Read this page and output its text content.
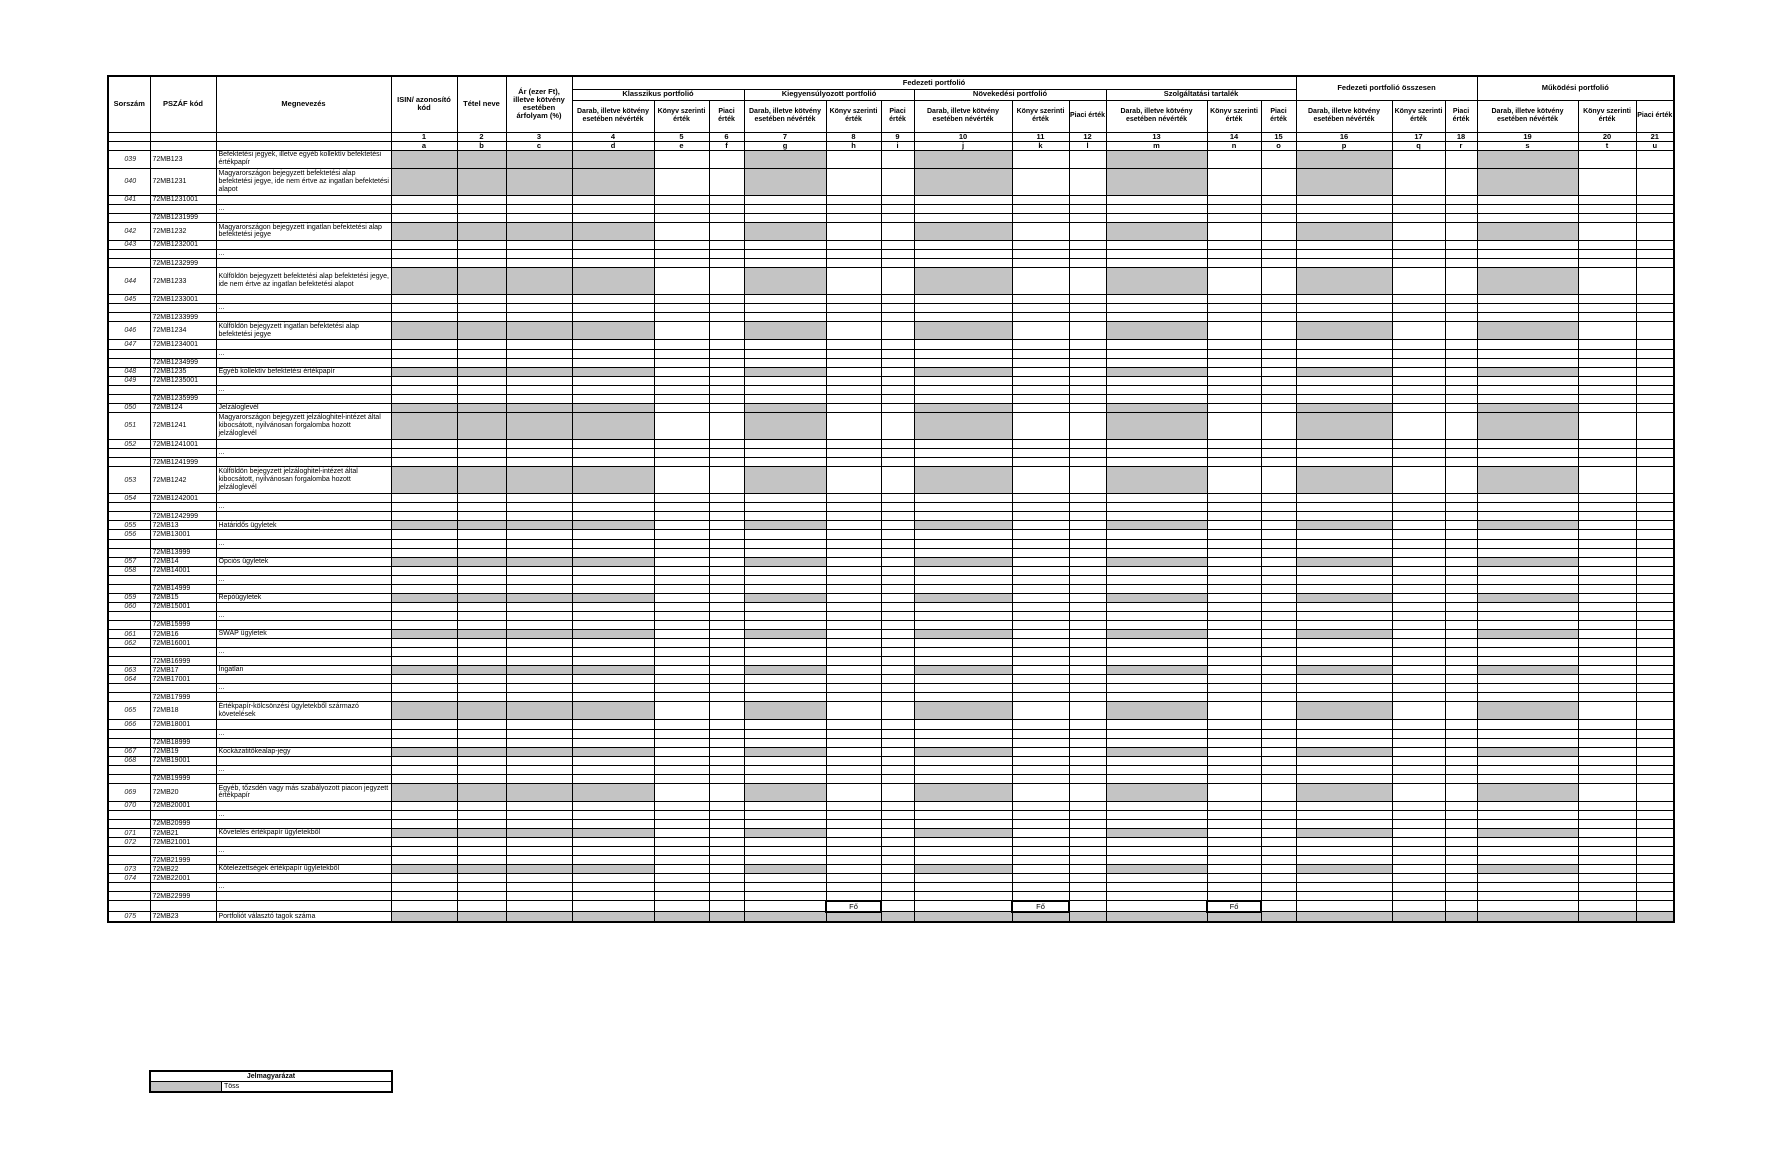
Sorszám	PSZÁF kód	Megnevezés	ISIN/ azonosító kód	Tétel neve	Ár (ezer Ft), illetve kötvény esetében árfolyam (%)	Fedezeti portfolió												Fedezeti portfolió összesen			Működési portfolió		
						Klasszikus portfolió			Kiegyensúlyozott portfolió			Növekedési portfolió			Szolgáltatási tartalék								
						Darab, illetve kötvény esetében névérték	Könyv szerinti érték	Piaci érték	Darab, illetve kötvény esetében névérték	Könyv szerinti érték	Piaci érték	Darab, illetve kötvény esetében névérték	Könyv szerinti érték	Piaci érték	Darab, illetve kötvény esetében névérték	Könyv szerinti érték	Piaci érték	Darab, illetve kötvény esetében névérték	Könyv szerinti érték	Piaci érték	Darab, illetve kötvény esetében névérték	Könyv szerinti érték	Piaci érték
			1	2	3	4	5	6	7	8	9	10	11	12	13	14	15	16	17	18	19	20	21
			a	b	c	d	e	f	g	h	i	j	k	l	m	n	o	p	q	r	s	t	u
039	72MB123	Befektetési jegyek, illetve egyéb kollektív befektetési értékpapír																					
040	72MB1231	Magyarországon bejegyzett befektetési alap befektetési jegye, ide nem értve az ingatlan befektetési alapot																					
041	72MB1231001																						
		...																					
	72MB1231999																						
042	72MB1232	Magyarországon bejegyzett ingatlan befektetési alap befektetési jegye																					
043	72MB1232001																						
		...																					
	72MB1232999																						
044	72MB1233	Külföldön bejegyzett befektetési alap befektetési jegye, ide nem értve az ingatlan befektetési alapot																					
045	72MB1233001																						
		...																					
	72MB1233999																						
046	72MB1234	Külföldön bejegyzett ingatlan befektetési alap befektetési jegye																					
047	72MB1234001																						
		...																					
	72MB1234999																						
048	72MB1235	Egyéb kollektív befektetési értékpapír																					
049	72MB1235001																						
		...																					
	72MB1235999																						
050	72MB124	Jelzáloglevél																					
051	72MB1241	Magyarországon bejegyzett jelzáloghitel-intézet által kibocsátott, nyilvánosan forgalomba hozott jelzáloglevél																					
052	72MB1241001																						
		...																					
	72MB1241999																						
053	72MB1242	Külföldön bejegyzett jelzáloghitel-intézet által kibocsátott, nyilvánosan forgalomba hozott jelzáloglevél																					
054	72MB1242001																						
		...																					
	72MB1242999																						
055	72MB13	Határidős ügyletek																					
056	72MB13001																						
		...																					
	72MB13999																						
057	72MB14	Opciós ügyletek																					
058	72MB14001																						
		...																					
	72MB14999																						
059	72MB15	Repóügyletek																					
060	72MB15001																						
		...																					
	72MB15999																						
061	72MB16	SWAP ügyletek																					
062	72MB16001																						
		...																					
	72MB16999																						
063	72MB17	Ingatlan																					
064	72MB17001																						
		...																					
	72MB17999																						
065	72MB18	Értékpapír-kölcsönzési ügyletekből származó követelések																					
066	72MB18001																						
		...																					
	72MB18999																						
067	72MB19	Kockázatitőkealap-jegy																					
068	72MB19001																						
		...																					
	72MB19999																						
069	72MB20	Egyéb, tőzsdén vagy más szabályozott piacon jegyzett értékpapír																					
070	72MB20001																						
		...																					
	72MB20999																						
071	72MB21	Követelés értékpapír ügyletekből																					
072	72MB21001																						
		...																					
	72MB21999																						
073	72MB22	Kötelezettségek értékpapír ügyletekből																					
074	72MB22001																						
		...																					
	72MB22999																						
										Fő			Fő			Fő							
075	72MB23	Portfoliót választó tagok száma																					
Jelmagyarázat

Töss
